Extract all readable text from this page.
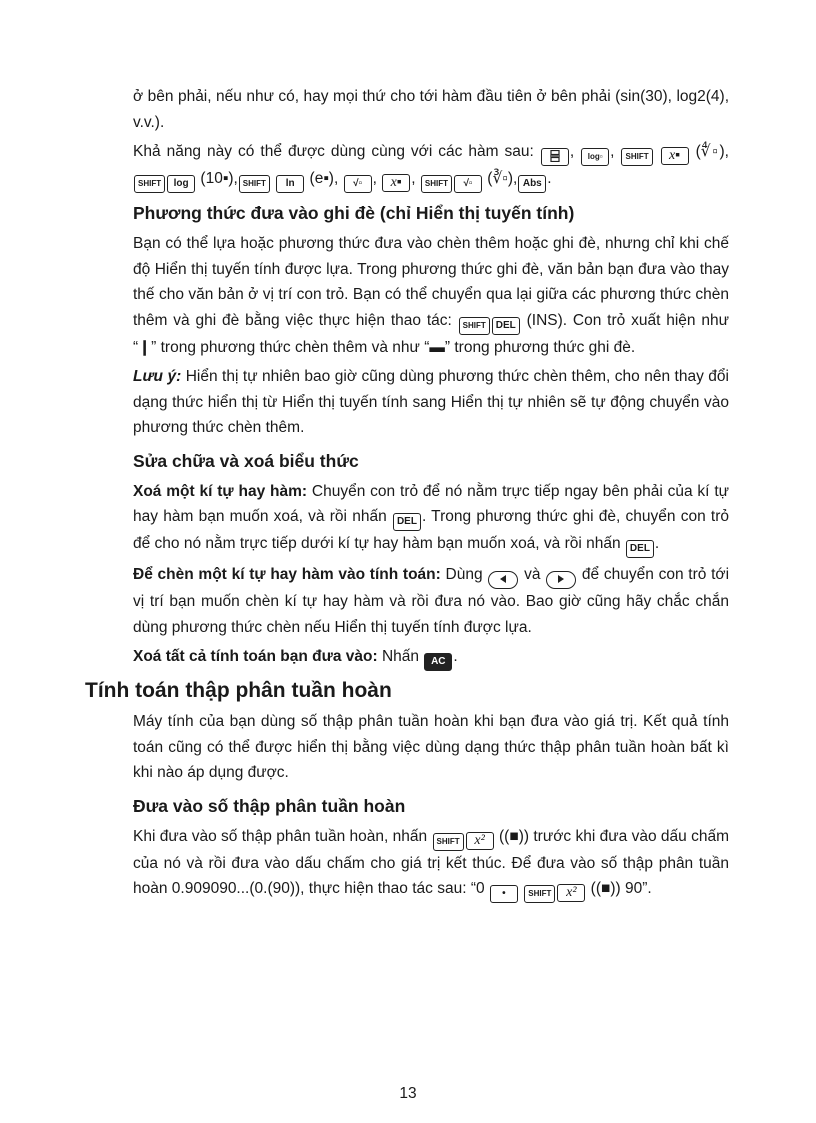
ở bên phải, nếu như có, hay mọi thứ cho tới hàm đầu tiên ở bên phải (sin(30), log2(4), v.v.).

Khả năng này có thể được dùng cùng với các hàm sau: , log▫ , SHIFT x▪ (∜▫), SHIFT log (10▪), SHIFT ln (e▪), √▫ , x▪ , SHIFT √▫ (∛▫), Abs .

Phương thức đưa vào ghi đè (chỉ Hiển thị tuyến tính)

Bạn có thể lựa hoặc phương thức đưa vào chèn thêm hoặc ghi đè, nhưng chỉ khi chế độ Hiển thị tuyến tính được lựa. Trong phương thức ghi đè, văn bản bạn đưa vào thay thế cho văn bản ở vị trí con trỏ. Bạn có thể chuyển qua lại giữa các phương thức chèn thêm và ghi đè bằng việc thực hiện thao tác: SHIFT DEL (INS). Con trỏ xuất hiện như “❙” trong phương thức chèn thêm và như “▬” trong phương thức ghi đè.

Lưu ý: Hiển thị tự nhiên bao giờ cũng dùng phương thức chèn thêm, cho nên thay đổi dạng thức hiển thị từ Hiển thị tuyến tính sang Hiển thị tự nhiên sẽ tự động chuyển vào phương thức chèn thêm.

Sửa chữa và xoá biểu thức

Xoá một kí tự hay hàm: Chuyển con trỏ để nó nằm trực tiếp ngay bên phải của kí tự hay hàm bạn muốn xoá, và rồi nhấn DEL . Trong phương thức ghi đè, chuyển con trỏ để cho nó nằm trực tiếp dưới kí tự hay hàm bạn muốn xoá, và rồi nhấn DEL .

Để chèn một kí tự hay hàm vào tính toán: Dùng	và	để chuyển con trỏ tới vị trí bạn muốn chèn kí tự hay hàm và rồi đưa nó vào. Bao giờ cũng hãy chắc chắn dùng phương thức chèn nếu Hiển thị tuyến tính được lựa.

Xoá tất cả tính toán bạn đưa vào: Nhấn AC .

Tính toán thập phân tuần hoàn

Máy tính của bạn dùng số thập phân tuần hoàn khi bạn đưa vào giá trị. Kết quả tính toán cũng có thể được hiển thị bằng việc dùng dạng thức thập phân tuần hoàn bất kì khi nào áp dụng được.

Đưa vào số thập phân tuần hoàn

Khi đưa vào số thập phân tuần hoàn, nhấn SHIFT x² ((■)) trước khi đưa vào dấu chấm của nó và rồi đưa vào dấu chấm cho giá trị kết thúc. Để đưa vào số thập phân tuần hoàn 0.909090...(0.(90)), thực hiện thao tác sau: “0 •	SHIFT x² ((■)) 90”.

13
